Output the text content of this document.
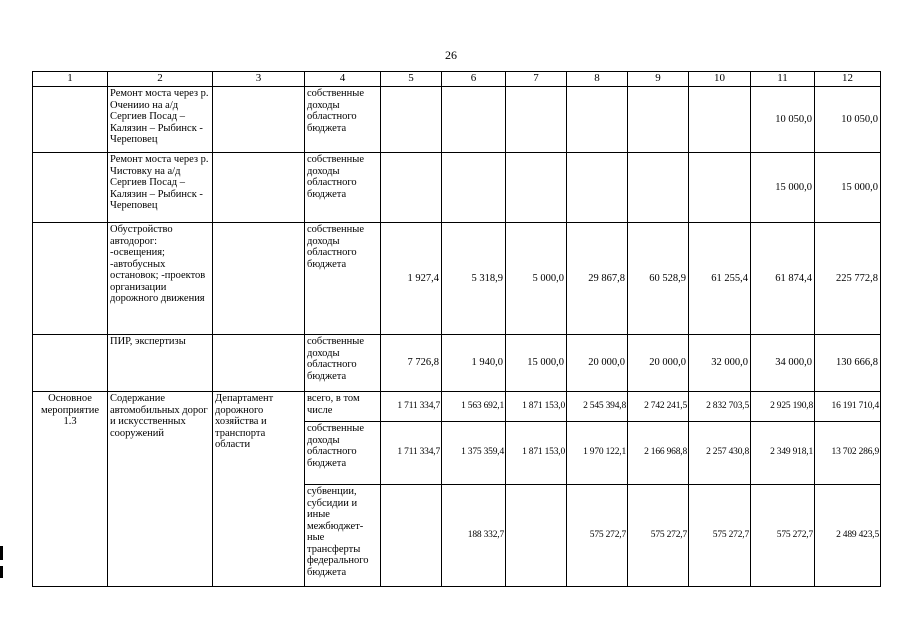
26
1	2	3	4	5	6	7	8	9	10	11	12
	Ремонт моста через р. Очениио на а/д Сергиев Посад – Калязин – Рыбинск - Череповец		собственные доходы областного бюджета							10 050,0	10 050,0
	Ремонт моста через р. Чистовку на а/д Сергиев Посад – Калязин – Рыбинск - Череповец		собственные доходы областного бюджета							15 000,0	15 000,0
	Обустройство автодорог: -освещения; -автобусных остановок; -проектов организации дорожного движения		собственные доходы областного бюджета	1 927,4	5 318,9	5 000,0	29 867,8	60 528,9	61 255,4	61 874,4	225 772,8
	ПИР, экспертизы		собственные доходы областного бюджета	7 726,8	1 940,0	15 000,0	20 000,0	20 000,0	32 000,0	34 000,0	130 666,8
Основное мероприятие 1.3	Содержание автомобильных дорог и искусственных сооружений	Департамент дорожного хозяйства и транспорта области	всего, в том числе	1 711 334,7	1 563 692,1	1 871 153,0	2 545 394,8	2 742 241,5	2 832 703,5	2 925 190,8	16 191 710,4
			собственные доходы областного бюджета	1 711 334,7	1 375 359,4	1 871 153,0	1 970 122,1	2 166 968,8	2 257 430,8	2 349 918,1	13 702 286,9
			субвенции, субсидии и иные межбюджет-ные трансферты федерального бюджета		188 332,7		575 272,7	575 272,7	575 272,7	575 272,7	2 489 423,5
